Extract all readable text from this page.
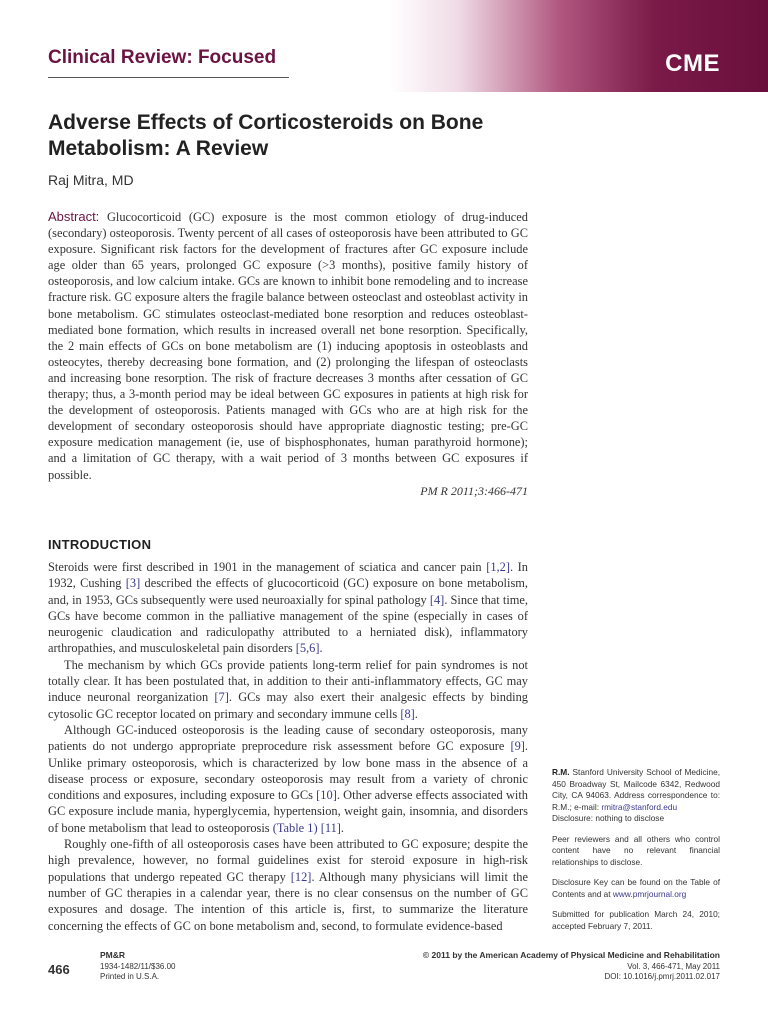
CME
Clinical Review: Focused
Adverse Effects of Corticosteroids on Bone Metabolism: A Review
Raj Mitra, MD
Abstract: Glucocorticoid (GC) exposure is the most common etiology of drug-induced (secondary) osteoporosis. Twenty percent of all cases of osteoporosis have been attributed to GC exposure. Significant risk factors for the development of fractures after GC exposure include age older than 65 years, prolonged GC exposure (>3 months), positive family history of osteoporosis, and low calcium intake. GCs are known to inhibit bone remodeling and to increase fracture risk. GC exposure alters the fragile balance between osteoclast and osteoblast activity in bone metabolism. GC stimulates osteoclast-mediated bone resorption and reduces osteoblast-mediated bone formation, which results in increased overall net bone resorption. Specifically, the 2 main effects of GCs on bone metabolism are (1) inducing apoptosis in osteoblasts and osteocytes, thereby decreasing bone formation, and (2) prolonging the lifespan of osteoclasts and increasing bone resorption. The risk of fracture decreases 3 months after cessation of GC therapy; thus, a 3-month period may be ideal between GC exposures in patients at high risk for the development of osteoporosis. Patients managed with GCs who are at high risk for the development of secondary osteoporosis should have appropriate diagnostic testing; pre-GC exposure medication management (ie, use of bisphosphonates, human parathyroid hormone); and a limitation of GC therapy, with a wait period of 3 months between GC exposures if possible.
PM R 2011;3:466-471
INTRODUCTION

Steroids were first described in 1901 in the management of sciatica and cancer pain [1,2]. In 1932, Cushing [3] described the effects of glucocorticoid (GC) exposure on bone metabolism, and, in 1953, GCs subsequently were used neuroaxially for spinal pathology [4]. Since that time, GCs have become common in the palliative management of the spine (especially in cases of neurogenic claudication and radiculopathy attributed to a herniated disk), inflammatory arthropathies, and musculoskeletal pain disorders [5,6].

The mechanism by which GCs provide patients long-term relief for pain syndromes is not totally clear. It has been postulated that, in addition to their anti-inflammatory effects, GC may induce neuronal reorganization [7]. GCs may also exert their analgesic effects by binding cytosolic GC receptor located on primary and secondary immune cells [8].

Although GC-induced osteoporosis is the leading cause of secondary osteoporosis, many patients do not undergo appropriate preprocedure risk assessment before GC exposure [9]. Unlike primary osteoporosis, which is characterized by low bone mass in the absence of a disease process or exposure, secondary osteoporosis may result from a variety of chronic conditions and exposures, including exposure to GCs [10]. Other adverse effects associated with GC exposure include mania, hyperglycemia, hypertension, weight gain, insomnia, and disorders of bone metabolism that lead to osteoporosis (Table 1) [11].

Roughly one-fifth of all osteoporosis cases have been attributed to GC exposure; despite the high prevalence, however, no formal guidelines exist for steroid exposure in high-risk populations that undergo repeated GC therapy [12]. Although many physicians will limit the number of GC therapies in a calendar year, there is no clear consensus on the number of GC exposures and dosage. The intention of this article is, first, to summarize the literature concerning the effects of GC on bone metabolism and, second, to formulate evidence-based

R.M. Stanford University School of Medicine, 450 Broadway St, Mailcode 6342, Redwood City, CA 94063. Address correspondence to: R.M.; e-mail: rmitra@stanford.edu
Disclosure: nothing to disclose
Peer reviewers and all others who control content have no relevant financial relationships to disclose.
Disclosure Key can be found on the Table of Contents and at www.pmrjournal.org
Submitted for publication March 24, 2010; accepted February 7, 2011.
466
PM&R
1934-1482/11/$36.00
Printed in U.S.A.
© 2011 by the American Academy of Physical Medicine and Rehabilitation
Vol. 3, 466-471, May 2011
DOI: 10.1016/j.pmrj.2011.02.017
